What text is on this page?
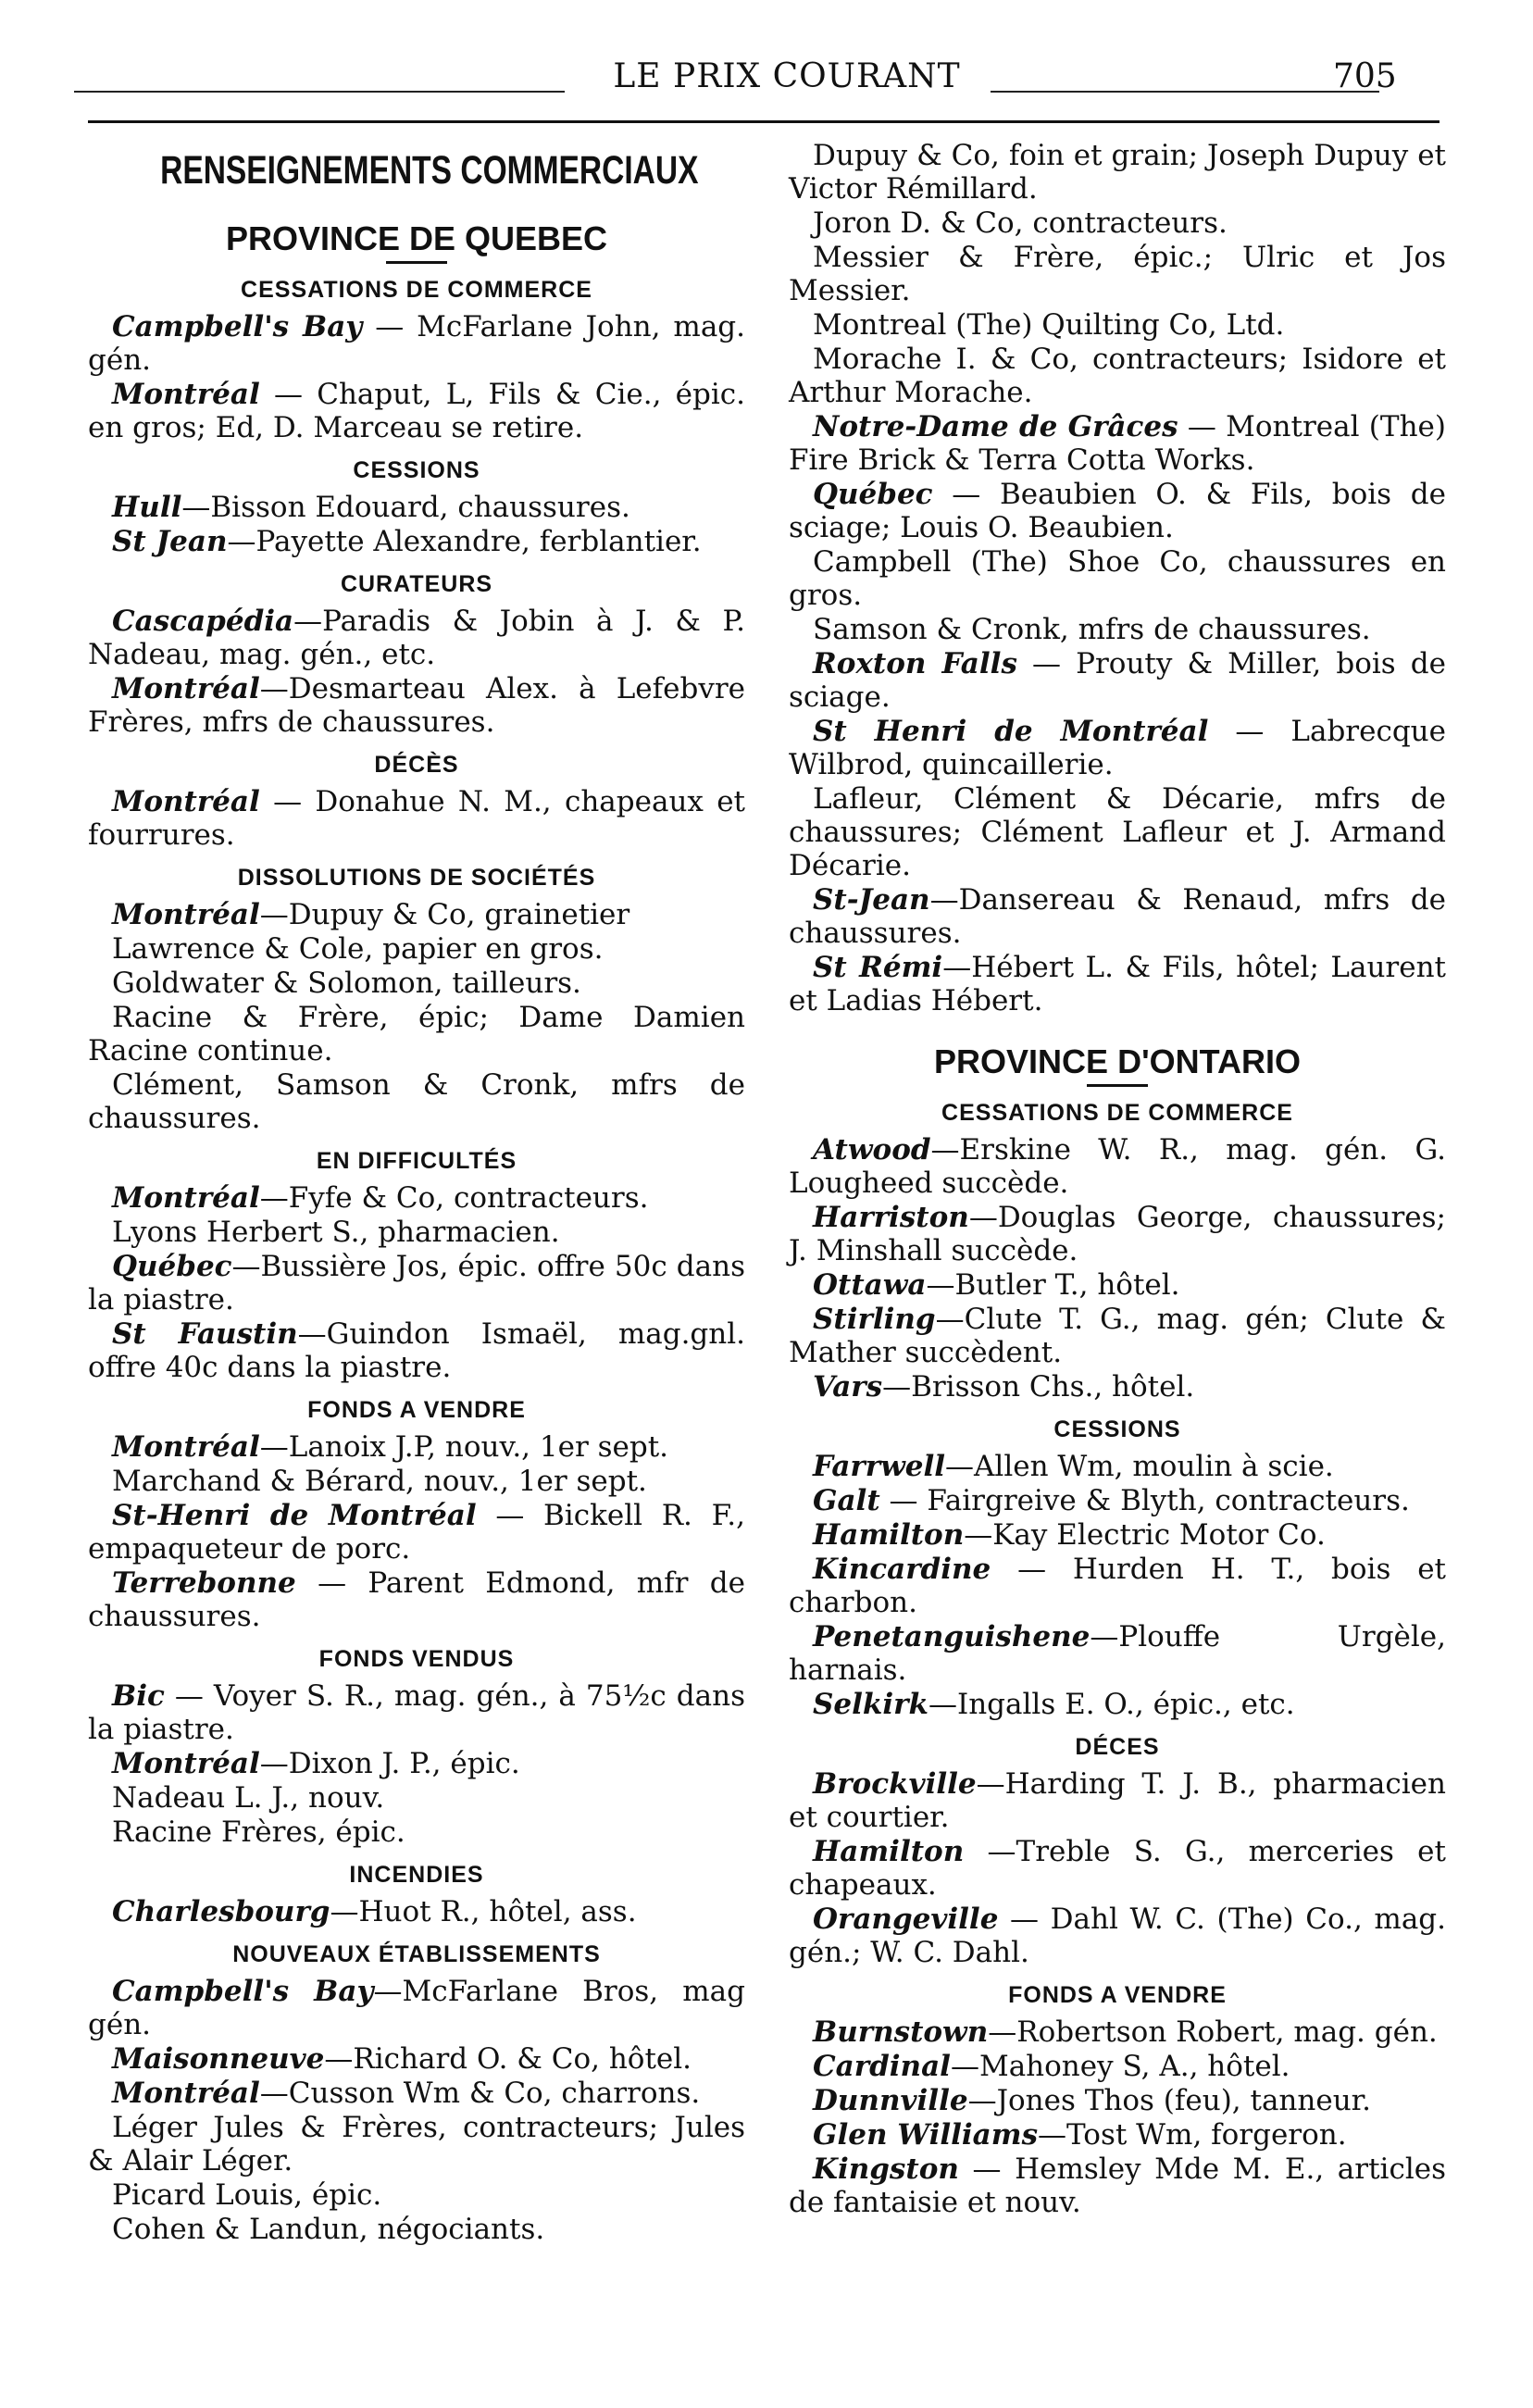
LE PRIX COURANT	705
RENSEIGNEMENTS COMMERCIAUX
PROVINCE DE QUEBEC
CESSATIONS DE COMMERCE
Campbell's Bay — McFarlane John, mag. gén.
Montréal — Chaput, L, Fils & Cie., épic. en gros; Ed, D. Marceau se retire.
CESSIONS
Hull—Bisson Edouard, chaussures.
St Jean—Payette Alexandre, ferblantier.
CURATEURS
Cascapédia—Paradis & Jobin à J. & P. Nadeau, mag. gén., etc.
Montréal—Desmarteau Alex. à Lefebvre Frères, mfrs de chaussures.
DÉCÈS
Montréal — Donahue N. M., chapeaux et fourrures.
DISSOLUTIONS DE SOCIÉTÉS
Montréal—Dupuy & Co, grainetier
Lawrence & Cole, papier en gros.
Goldwater & Solomon, tailleurs.
Racine & Frère, épic; Dame Damien Racine continue.
Clément, Samson & Cronk, mfrs de chaussures.
EN DIFFICULTÉS
Montréal—Fyfe & Co, contracteurs.
Lyons Herbert S., pharmacien.
Québec—Bussière Jos, épic. offre 50c dans la piastre.
St Faustin—Guindon Ismaël, mag.gnl. offre 40c dans la piastre.
FONDS A VENDRE
Montréal—Lanoix J.P, nouv., 1er sept.
Marchand & Bérard, nouv., 1er sept.
St-Henri de Montréal — Bickell R. F., empaqueteur de porc.
Terrebonne — Parent Edmond, mfr de chaussures.
FONDS VENDUS
Bic — Voyer S. R., mag. gén., à 75½c dans la piastre.
Montréal—Dixon J. P., épic.
Nadeau L. J., nouv.
Racine Frères, épic.
INCENDIES
Charlesbourg—Huot R., hôtel, ass.
NOUVEAUX ÉTABLISSEMENTS
Campbell's Bay—McFarlane Bros, mag gén.
Maisonneuve—Richard O. & Co, hôtel.
Montréal—Cusson Wm & Co, charrons.
Léger Jules & Frères, contracteurs; Jules & Alair Léger.
Picard Louis, épic.
Cohen & Landun, négociants.
Dupuy & Co, foin et grain; Joseph Dupuy et Victor Rémillard.
Joron D. & Co, contracteurs.
Messier & Frère, épic.; Ulric et Jos Messier.
Montreal (The) Quilting Co, Ltd.
Morache I. & Co, contracteurs; Isidore et Arthur Morache.
Notre-Dame de Grâces — Montreal (The) Fire Brick & Terra Cotta Works.
Québec — Beaubien O. & Fils, bois de sciage; Louis O. Beaubien.
Campbell (The) Shoe Co, chaussures en gros.
Samson & Cronk, mfrs de chaussures.
Roxton Falls — Prouty & Miller, bois de sciage.
St Henri de Montréal — Labrecque Wilbrod, quincaillerie.
Lafleur, Clément & Décarie, mfrs de chaussures; Clément Lafleur et J. Armand Décarie.
St-Jean—Dansereau & Renaud, mfrs de chaussures.
St Rémi—Hébert L. & Fils, hôtel; Laurent et Ladias Hébert.
PROVINCE D'ONTARIO
CESSATIONS DE COMMERCE
Atwood—Erskine W. R., mag. gén. G. Lougheed succède.
Harriston—Douglas George, chaussures; J. Minshall succède.
Ottawa—Butler T., hôtel.
Stirling—Clute T. G., mag. gén; Clute & Mather succèdent.
Vars—Brisson Chs., hôtel.
CESSIONS
Farrwell—Allen Wm, moulin à scie.
Galt — Fairgreive & Blyth, contracteurs.
Hamilton—Kay Electric Motor Co.
Kincardine — Hurden H. T., bois et charbon.
Penetanguishene—Plouffe Urgèle, harnais.
Selkirk—Ingalls E. O., épic., etc.
DÉCES
Brockville—Harding T. J. B., pharmacien et courtier.
Hamilton —Treble S. G., merceries et chapeaux.
Orangeville — Dahl W. C. (The) Co., mag. gén.; W. C. Dahl.
FONDS A VENDRE
Burnstown—Robertson Robert, mag. gén.
Cardinal—Mahoney S, A., hôtel.
Dunnville—Jones Thos (feu), tanneur.
Glen Williams—Tost Wm, forgeron.
Kingston — Hemsley Mde M. E., articles de fantaisie et nouv.
